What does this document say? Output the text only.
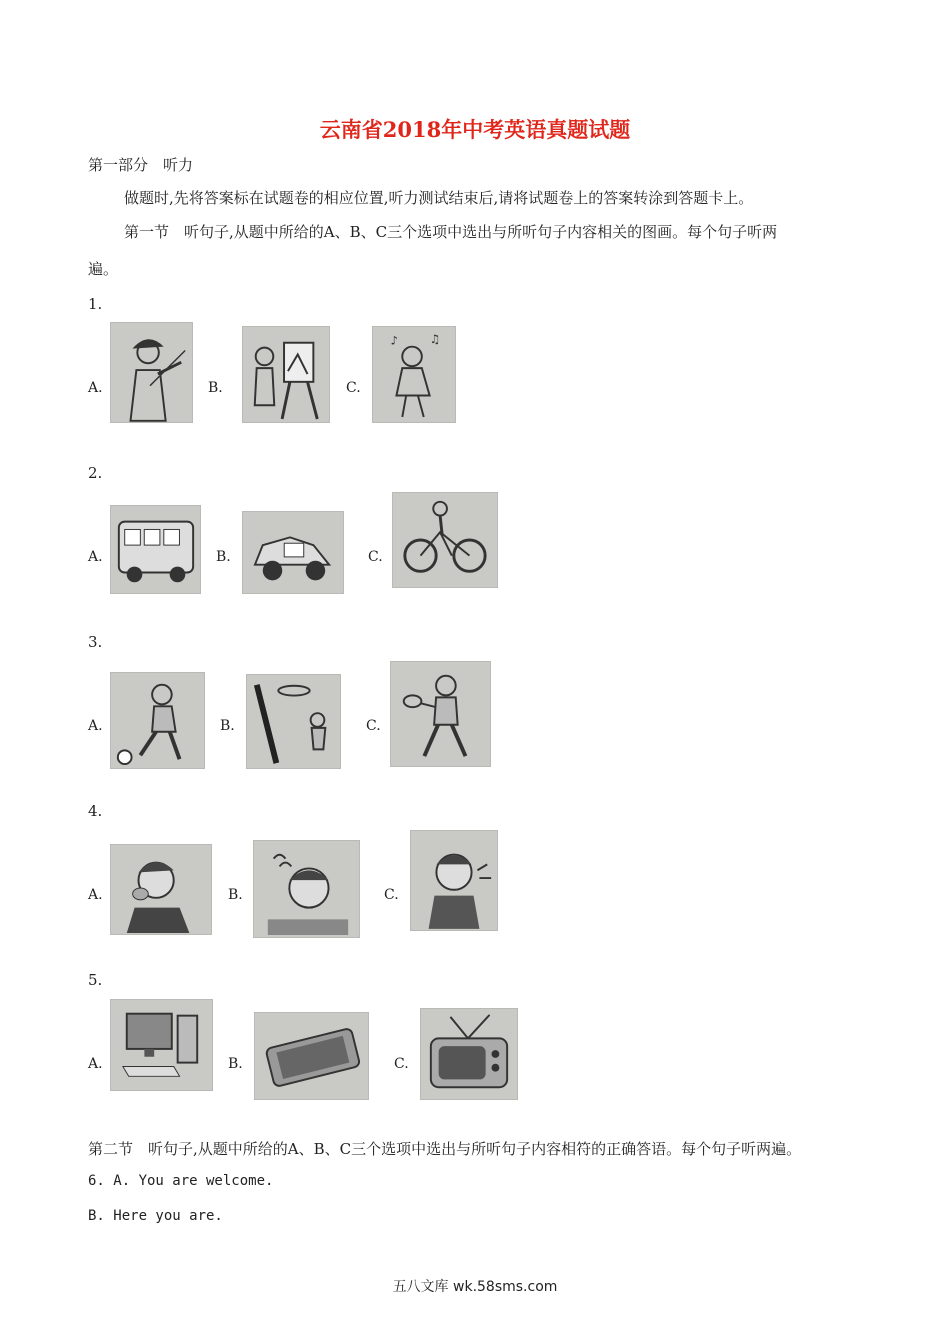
云南省2018年中考英语真题试题
第一部分　听力
做题时,先将答案标在试题卷的相应位置,听力测试结束后,请将试题卷上的答案转涂到答题卡上。
第一节　听句子,从题中所给的A、B、C三个选项中选出与所听句子内容相关的图画。每个句子听两
遍。
1.
A.	B.	C.
♪	♫
2.
A.	B.	C.
3.
A.	B.	C.
4.
A.	B.	C.
5.
A.	B.	C.
第二节　听句子,从题中所给的A、B、C三个选项中选出与所听句子内容相符的正确答语。每个句子听两遍。
6. A. You are welcome.
B. Here you are.
五八文库 wk.58sms.com
